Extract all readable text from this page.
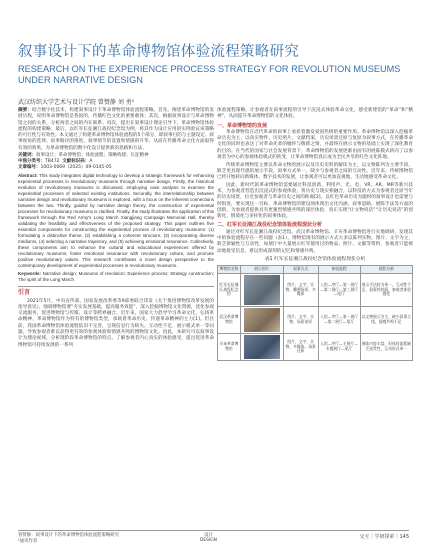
叙事设计下的革命博物馆体验流程策略研究
RESEARCH ON THE EXPERIENCE PROCESS STRATEGY FOR REVOLUTION MUSEUMS UNDER NARRATIVE DESIGN
武汉纺织大学艺术与设计学院 曾赞静 刘 勇¹

摘要：结合数字化技术，构建叙事设计下革命博物馆体验流程策略。首先，阐述革命博物馆的发展历程，说明革命博物馆是我国的，传播红色文化的重要载体；其次，根据叙事设计与革命博物馆之间的关系，分析两者之间的内在联系；再次，提出在叙事设计理论引导下，革命博物馆体验流程的构建策略；最后，以红军长征湘江战役纪念馆为例，将其作为设计应用的实例验证该策略的可行性与有效性。本文通过了构建革命博物馆体验流程的5个部分，即叙事目的与主题设定、叙事视角的选择、叙事路径的推进、叙事情节的设置和情感的升华，从而在传播革命文化方面取得有效的效果，为革命博物馆的数字化设计提供新的思路和方法。

关键词：叙事设计；革命博物馆；体验流程；策略构建；长征精神
中图分类号：TB472 文献标识码：A
文章编号：1003-0069（2025）09-0145-05
Abstract: This study integrates digital technology to develop a strategic framework for enhancing experiential processes in revolutionary museums through narrative design. Firstly, the historical evolution of revolutionary museums is discussed, employing case analysis to examine the experiential processes of selected existing institutions. Secondly, the interrelationship between narrative design and revolutionary museums is explored, with a focus on the inherent connections between the two. Thirdly, guided by narrative design theory, the construction of experiential processes for revolutionary museums is clarified. Finally, the study illustrates the application of this framework through the Red Army's Long March Xiangjiang Campaign Memorial Hall, thereby validating the feasibility and effectiveness of the proposed strategy. This paper outlines five essential components for constructing the experiential process of revolutionary museums: (1) formulating a distinctive theme, (2) establishing a coherent structure, (3) incorporating diverse mediums, (4) selecting a narrative trajectory, and (5) achieving emotional resonance. Collectively, these components aim to enhance the cultural and educational experiences offered by revolutionary museums, foster emotional resonance with revolutionary culture, and promote positive revolutionary values. This research contributes a novel design perspective to the contemporary development of experiential processes in revolutionary museums.
Keywords: Narrative design; Museums of revolution; Experience process; Strategy construction; The spirit of the Long March
引言

2021年5月，中央宣传部、国家发展改革委等9部委联合印发《关于推进博物馆改革发展的指导意见》，强调博物馆要“夯实发展基础，提高服务效能”，深入挖掘博物馆文化资源，优化参观交流服务，促进博物馆与传媒、设计等跨界融合。近年来，国家大力倡导学习革命文化，弘扬革命精神，革命博物馆作为特有的博物馆类型，承载着革命历史、传递革命精神的主力[1]。但目前，我国革命博物馆体验流程依旧不完善，呈现信息行为缺失、互动性不足、展示模式单一等问题，导致参观者难以获得更有效的参观体验和情感共鸣的博物馆文化。因此，本研究可以叙事设计为理论视域，分析现阶段革命博物馆的特点，了解参观者内心真实的体验感受，提出促进革命博物馆可持续发展的一系列

体验流程策略，让参观者在叙事流程的引导下沉浸式体验革命文化，感受新建馆的“革命”和“精神”，从而提升革命博物馆的文化体验。

一、革命博物馆的发展

革命博物馆在近代革命的叙事上承担着激发爱国热情的重要作用。革命博物馆以深入挖掘革命历史为主，以真实物件、历史照片、文献档案、历史场景还原与复原为叙事方式，在传播革命文化的同时也表达了对革命先辈的缅怀与敬仰之情，并最终在展示文物的基础上实现了深化教育的目的。在当代的国家与社会发展背景下，革命博物馆的发展逐渐由固有的展陈模式转向了以参观者为中心的参观体验模式的转变，让革命博物馆真正成为全民共享的红色文化阵地。

传统革命博物馆主要以革命文物的展示以及历史史料的解读为主，以文物陈列为主要手段，缺乏更具现代感的展示手段，叙事方式单一，缺少与参观者之间的互动性。近年来，传统博物馆已经开始转向新媒体、数字技术的发展，让参观者可以更加直观地、生动地感受革命文化。

因此，新时代的革命博物馆需要通过科技创新，利用声、光、电、VR、AR、MR等新兴技术，为参观者营造出沉浸式的参观体验，将历史与现实相融合，以科技的方式为参观者还原当年的历史场景，拉近参观者与革命历史之间的距离[2]。以红色革命历史为题材的叙事设计也需要与时俱进，要实现这一目标，革命博物馆的建设须体现出文化内涵、叙事思路、展陈手法等方面的创新，为参观者提供具有更强烈情感共鸣的深层体验，真正实现“让文物说话”“让历史说话”的创新化、情境化与多样化的叙事体验。

二、红军长征湘江战役纪念馆体验流程现状分析

通过对红军长征湘江战役纪念馆、武汉革命博物馆、辛亥革命博物馆进行实地调研，发现其中的体验流程存在一些问题（表1）。博物馆现有的展示方式大多以陈列实物、图片、文字为主，缺乏新颖性与互动性，如展厅中大量展示红军使用过的物品、照片、文献等资料，参观者只能被动地接受信息，难以形成深刻的记忆和情感共鸣。

表1 红军长征湘江战役纪念馆体验流程现状分析
博物馆名称	展示图片	叙事方式	体验流程	现状分析
红军长征湘江战役纪念馆		图片、文字、实物、雕塑场景、多媒体	入馆—序厅—第一展厅—第二展厅—第三展厅—尾厅	展示手法较为单一，互动性不足，叙事性较弱，参观者体验感差
武汉革命博物馆		图片、文字、实物、场景复原	入馆—序厅—第一展厅—第二展厅—尾厅	以文物展示为主，缺少叙事主线，情感共鸣不足
辛亥革命博物馆		图片、文字、实物、多媒体、场景还原	入馆—序厅—主展厅—专题展厅—尾厅	展陈内容丰富，但体验流程缺乏连贯性，互动形式单一
曾赞静：叙事设计下的革命博物馆体验流程策略研究
¹通讯作者
设计
DESIGN
交互｜学研探索｜145
